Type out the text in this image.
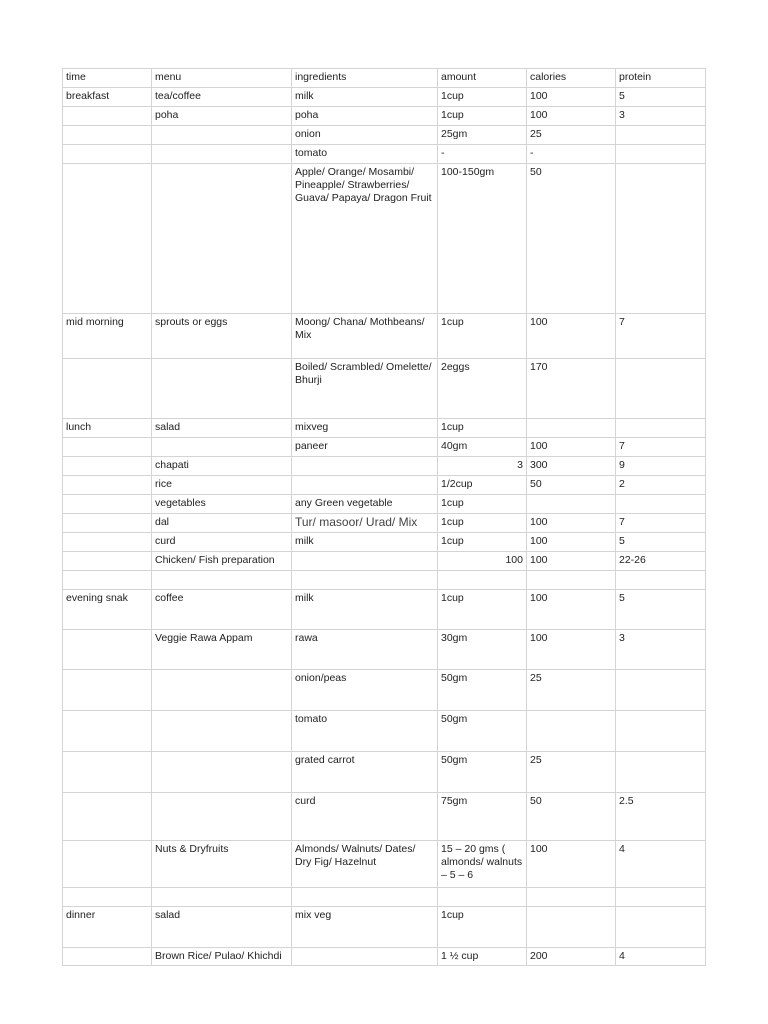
time	menu	ingredients	amount	calories	protein
breakfast	tea/coffee	milk	1cup	100	5
	poha	poha	1cup	100	3
		onion	25gm	25	
		tomato	-	-	
		Apple/ Orange/ Mosambi/ Pineapple/ Strawberries/ Guava/ Papaya/ Dragon Fruit	100-150gm	50	
mid morning	sprouts or eggs	Moong/ Chana/ Mothbeans/ Mix	1cup	100	7
		Boiled/ Scrambled/ Omelette/ Bhurji	2eggs	170	
lunch	salad	mixveg	1cup		
		paneer	40gm	100	7
	chapati		3	300	9
	rice		1/2cup	50	2
	vegetables	any Green vegetable	1cup		
	dal	Tur/ masoor/ Urad/ Mix	1cup	100	7
	curd	milk	1cup	100	5
	Chicken/ Fish preparation		100	100	22-26

evening snak	coffee	milk	1cup	100	5
	Veggie Rawa Appam	rawa	30gm	100	3
		onion/peas	50gm	25	
		tomato	50gm		
		grated carrot	50gm	25	
		curd	75gm	50	2.5
	Nuts & Dryfruits	Almonds/ Walnuts/ Dates/ Dry Fig/ Hazelnut	15 – 20 gms ( almonds/ walnuts – 5 – 6	100	4

dinner	salad	mix veg	1cup		
	Brown Rice/ Pulao/ Khichdi		1 ½ cup	200	4
